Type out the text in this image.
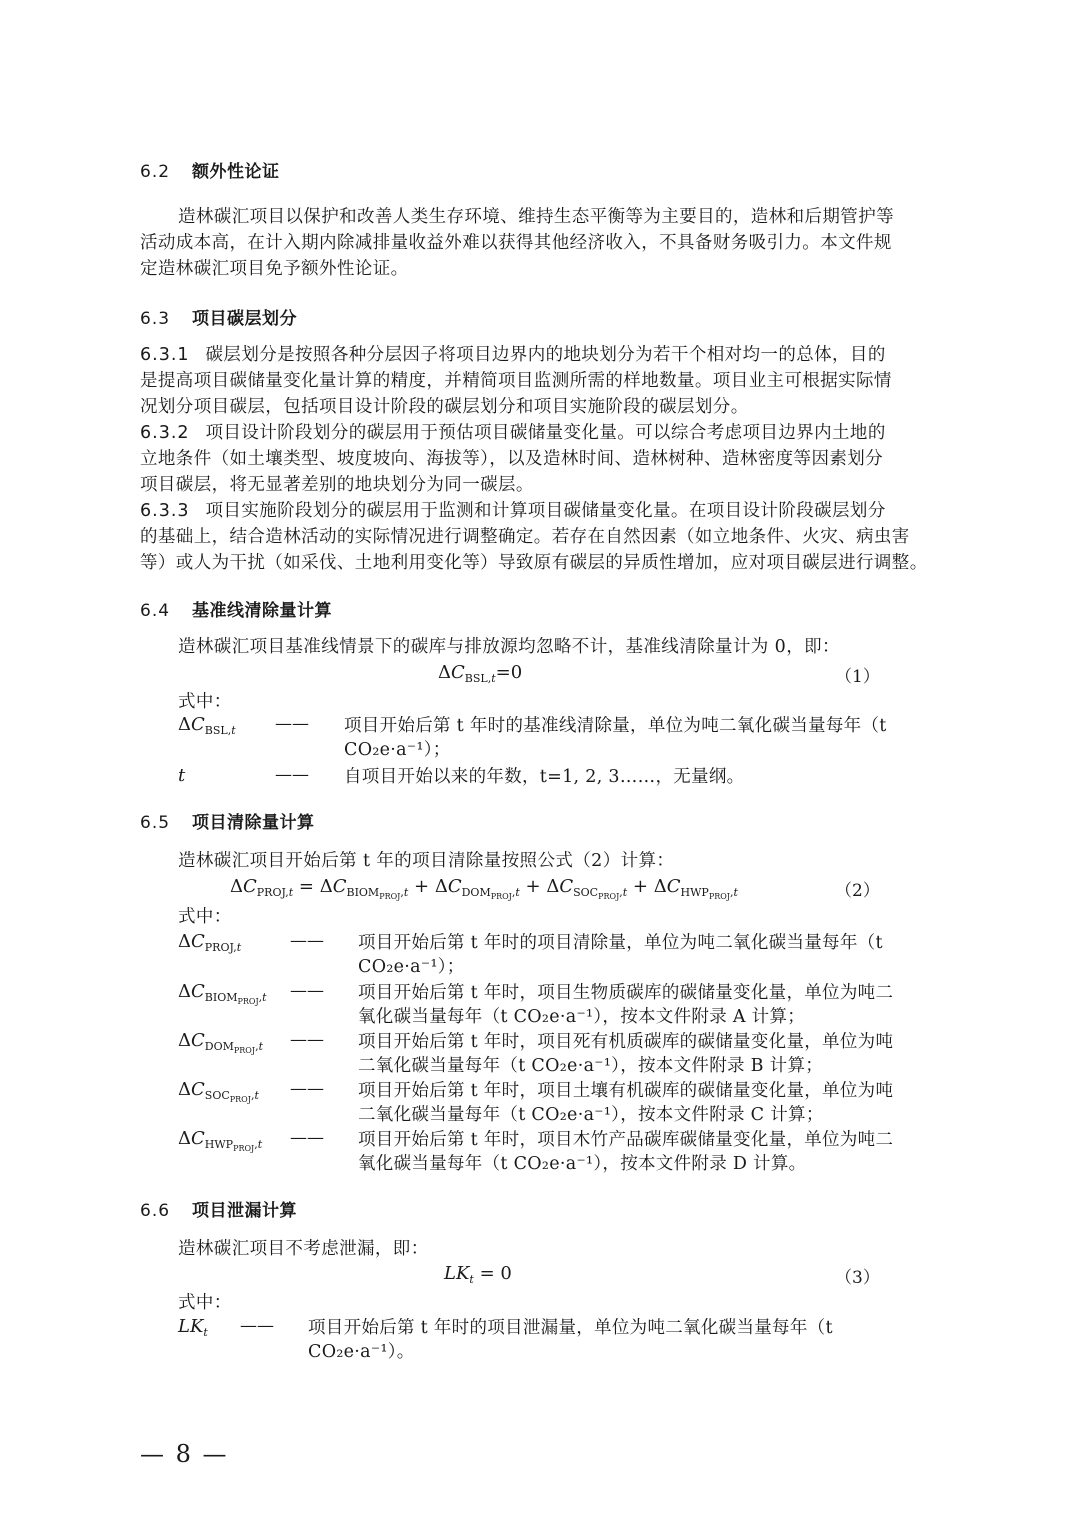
6.2 额外性论证
造林碳汇项目以保护和改善人类生存环境、维持生态平衡等为主要目的，造林和后期管护等
活动成本高，在计入期内除减排量收益外难以获得其他经济收入，不具备财务吸引力。本文件规
定造林碳汇项目免予额外性论证。
6.3 项目碳层划分
6.3.1 碳层划分是按照各种分层因子将项目边界内的地块划分为若干个相对均一的总体，目的
是提高项目碳储量变化量计算的精度，并精简项目监测所需的样地数量。项目业主可根据实际情
况划分项目碳层，包括项目设计阶段的碳层划分和项目实施阶段的碳层划分。
6.3.2 项目设计阶段划分的碳层用于预估项目碳储量变化量。可以综合考虑项目边界内土地的
立地条件（如土壤类型、坡度坡向、海拔等），以及造林时间、造林树种、造林密度等因素划分
项目碳层，将无显著差别的地块划分为同一碳层。
6.3.3 项目实施阶段划分的碳层用于监测和计算项目碳储量变化量。在项目设计阶段碳层划分
的基础上，结合造林活动的实际情况进行调整确定。若存在自然因素（如立地条件、火灾、病虫害
等）或人为干扰（如采伐、土地利用变化等）导致原有碳层的异质性增加，应对项目碳层进行调整。
6.4 基准线清除量计算
造林碳汇项目基准线情景下的碳库与排放源均忽略不计，基准线清除量计为 0，即：
$\Delta C_{BSL,t}=0$	（1）
式中：
$\Delta C_{BSL,t}$ —— 项目开始后第 t 年时的基准线清除量，单位为吨二氧化碳当量每年（t CO₂e·a⁻¹）；
t	—— 自项目开始以来的年数，t=1, 2, 3……，无量纲。
6.5 项目清除量计算
造林碳汇项目开始后第 t 年的项目清除量按照公式（2）计算：
$\Delta C_{PROJ,t} = \Delta C_{BIOM_{PROJ},t} + \Delta C_{DOM_{PROJ},t} + \Delta C_{SOC_{PROJ},t} + \Delta C_{HWP_{PROJ},t}$	（2）
式中：
$\Delta C_{PROJ,t}$	—— 项目开始后第 t 年时的项目清除量，单位为吨二氧化碳当量每年（t CO₂e·a⁻¹）；
$\Delta C_{BIOM_{PROJ},t}$ —— 项目开始后第 t 年时，项目生物质碳库的碳储量变化量，单位为吨二氧化碳当量每年（t CO₂e·a⁻¹），按本文件附录 A 计算；
$\Delta C_{DOM_{PROJ},t}$ —— 项目开始后第 t 年时，项目死有机质碳库的碳储量变化量，单位为吨二氧化碳当量每年（t CO₂e·a⁻¹），按本文件附录 B 计算；
$\Delta C_{SOC_{PROJ},t}$ —— 项目开始后第 t 年时，项目土壤有机碳库的碳储量变化量，单位为吨二氧化碳当量每年（t CO₂e·a⁻¹），按本文件附录 C 计算；
$\Delta C_{HWP_{PROJ},t}$ —— 项目开始后第 t 年时，项目木竹产品碳库碳储量变化量，单位为吨二氧化碳当量每年（t CO₂e·a⁻¹），按本文件附录 D 计算。
6.6 项目泄漏计算
造林碳汇项目不考虑泄漏，即：
$LK_t = 0$	（3）
式中：
$LK_t$ —— 项目开始后第 t 年时的项目泄漏量，单位为吨二氧化碳当量每年（t CO₂e·a⁻¹）。
— 8 —
